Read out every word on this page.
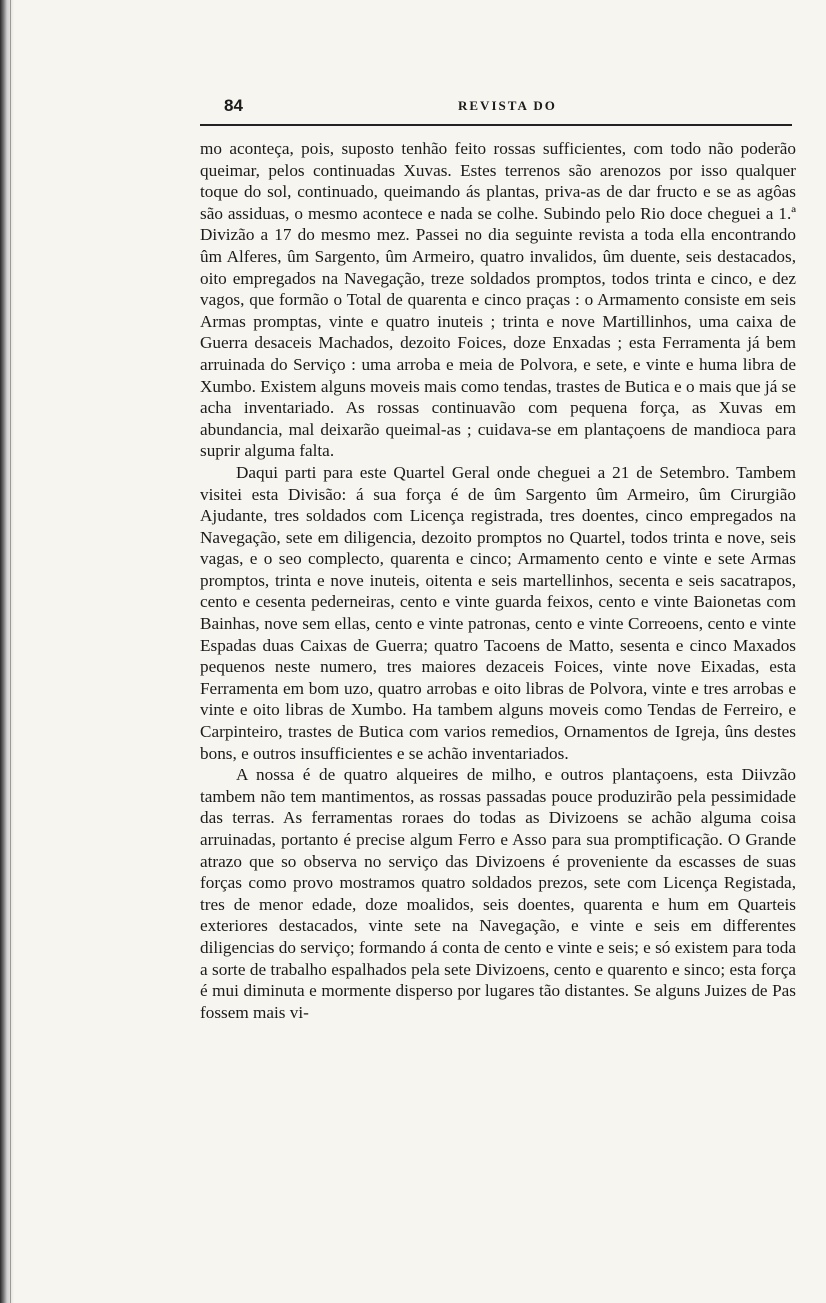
84	REVISTA DO

mo aconteça, pois, suposto tenhão feito rossas sufficientes, com todo não poderão queimar, pelos continuadas Xuvas. Estes terrenos são arenozos por isso qualquer toque do sol, continuado, queimando ás plantas, priva-as de dar fructo e se as agôas são assiduas, o mesmo acontece e nada se colhe. Subindo pelo Rio doce cheguei a 1.ª Divizão a 17 do mesmo mez. Passei no dia seguinte revista a toda ella encontrando ûm Alferes, ûm Sargento, ûm Armeiro, quatro invalidos, ûm duente, seis destacados, oito empregados na Navegação, treze soldados promptos, todos trinta e cinco, e dez vagos, que formão o Total de quarenta e cinco praças : o Armamento consiste em seis Armas promptas, vinte e quatro inuteis ; trinta e nove Martillinhos, uma caixa de Guerra desaceis Machados, dezoito Foices, doze Enxadas ; esta Ferramenta já bem arruinada do Serviço : uma arroba e meia de Polvora, e sete, e vinte e huma libra de Xumbo. Existem alguns moveis mais como tendas, trastes de Butica e o mais que já se acha inventariado. As rossas continuavão com pequena força, as Xuvas em abundancia, mal deixarão queimal-as ; cuidava-se em plantaçoens de mandioca para suprir alguma falta.

Daqui parti para este Quartel Geral onde cheguei a 21 de Setembro. Tambem visitei esta Divisão: á sua força é de ûm Sargento ûm Armeiro, ûm Cirurgião Ajudante, tres soldados com Licença registrada, tres doentes, cinco empregados na Navegação, sete em diligencia, dezoito promptos no Quartel, todos trinta e nove, seis vagas, e o seo complecto, quarenta e cinco; Armamento cento e vinte e sete Armas promptos, trinta e nove inuteis, oitenta e seis martellinhos, secenta e seis sacatrapos, cento e cesenta pederneiras, cento e vinte guarda feixos, cento e vinte Baionetas com Bainhas, nove sem ellas, cento e vinte patronas, cento e vinte Correoens, cento e vinte Espadas duas Caixas de Guerra; quatro Tacoens de Matto, sesenta e cinco Maxados pequenos neste numero, tres maiores dezaceis Foices, vinte nove Eixadas, esta Ferramenta em bom uzo, quatro arrobas e oito libras de Polvora, vinte e tres arrobas e vinte e oito libras de Xumbo. Ha tambem alguns moveis como Tendas de Ferreiro, e Carpinteiro, trastes de Butica com varios remedios, Ornamentos de Igreja, ûns destes bons, e outros insufficientes e se achão inventariados.

A nossa é de quatro alqueires de milho, e outros plantaçoens, esta Diivzão tambem não tem mantimentos, as rossas passadas pouce produzirão pela pessimidade das terras. As ferramentas roraes do todas as Divizoens se achão alguma coisa arruinadas, portanto é precise algum Ferro e Asso para sua promptificação. O Grande atrazo que so observa no serviço das Divizoens é proveniente da escasses de suas forças como provo mostramos quatro soldados prezos, sete com Licença Registada, tres de menor edade, doze moalidos, seis doentes, quarenta e hum em Quarteis exteriores destacados, vinte sete na Navegação, e vinte e seis em differentes diligencias do serviço; formando á conta de cento e vinte e seis; e só existem para toda a sorte de trabalho espalhados pela sete Divizoens, cento e quarento e sinco; esta força é mui diminuta e mormente disperso por lugares tão distantes. Se alguns Juizes de Pas fossem mais vi-
